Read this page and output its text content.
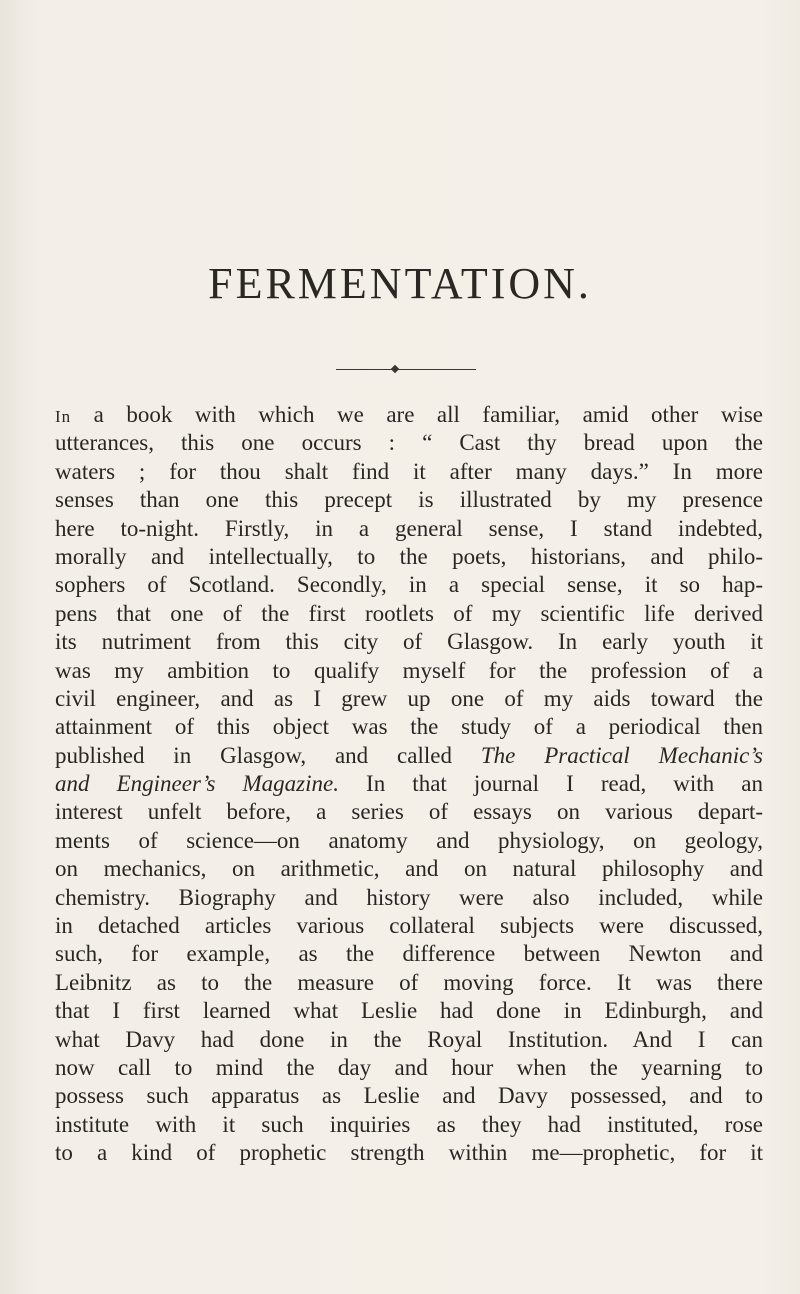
FERMENTATION.
In a book with which we are all familiar, amid other wise
utterances, this one occurs : “ Cast thy bread upon the
waters ; for thou shalt find it after many days.” In more
senses than one this precept is illustrated by my presence
here to-night. Firstly, in a general sense, I stand indebted,
morally and intellectually, to the poets, historians, and philo-
sophers of Scotland. Secondly, in a special sense, it so hap-
pens that one of the first rootlets of my scientific life derived
its nutriment from this city of Glasgow. In early youth it
was my ambition to qualify myself for the profession of a
civil engineer, and as I grew up one of my aids toward the
attainment of this object was the study of a periodical then
published in Glasgow, and called The Practical Mechanic’s
and Engineer’s Magazine. In that journal I read, with an
interest unfelt before, a series of essays on various depart-
ments of science—on anatomy and physiology, on geology,
on mechanics, on arithmetic, and on natural philosophy and
chemistry. Biography and history were also included, while
in detached articles various collateral subjects were discussed,
such, for example, as the difference between Newton and
Leibnitz as to the measure of moving force. It was there
that I first learned what Leslie had done in Edinburgh, and
what Davy had done in the Royal Institution. And I can
now call to mind the day and hour when the yearning to
possess such apparatus as Leslie and Davy possessed, and to
institute with it such inquiries as they had instituted, rose
to a kind of prophetic strength within me—prophetic, for it
